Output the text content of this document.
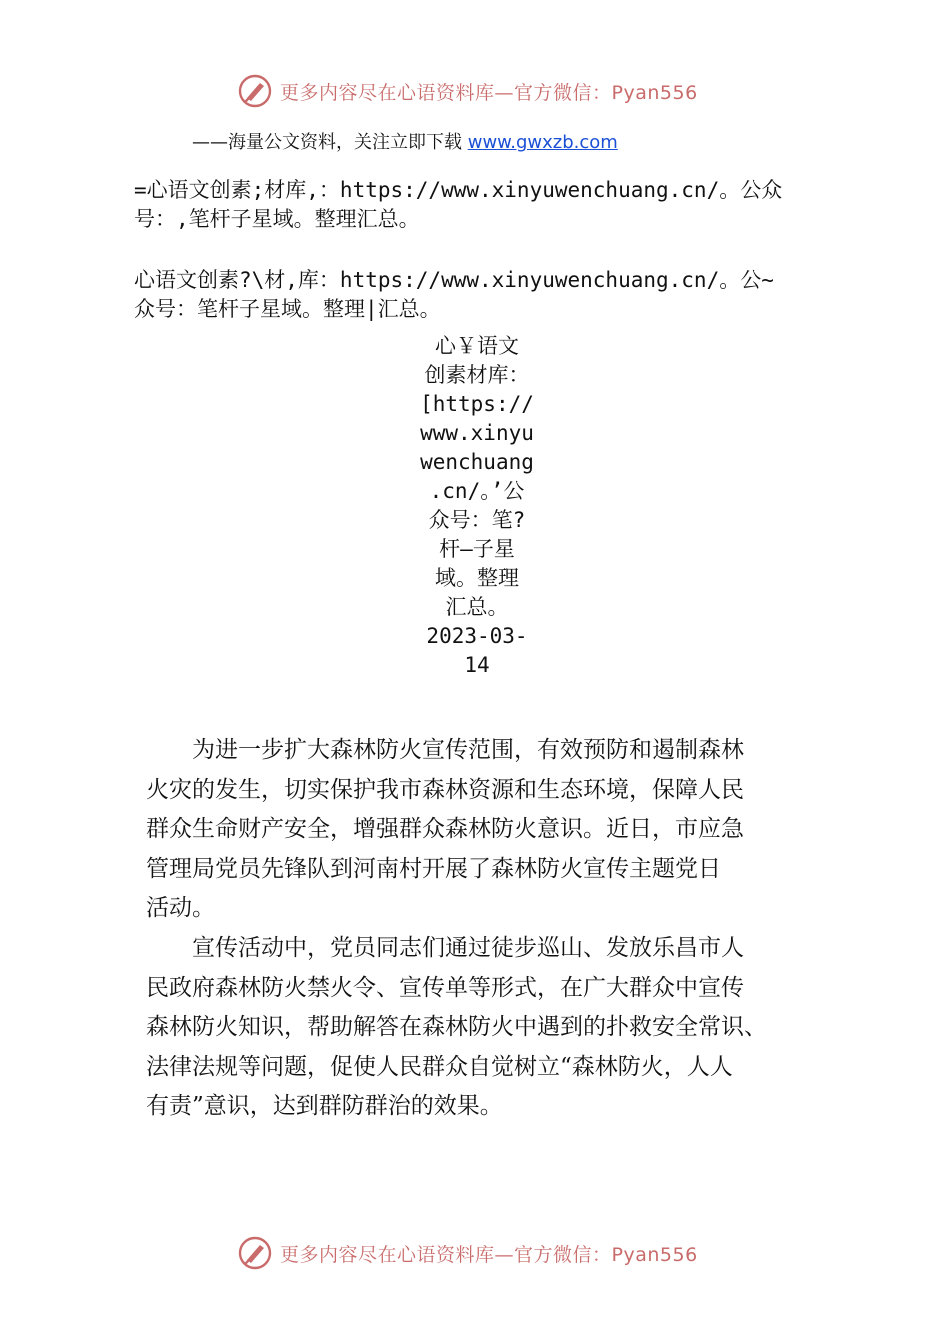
更多内容尽在心语资料库—官方微信：Pyan556
——海量公文资料，关注立即下载 www.gwxzb.com
=心语文创素;材库,：https://www.xinyuwenchuang.cn/。公众
号：,笔杆子星域。整理汇总。
心语文创素?\材,库：https://www.xinyuwenchuang.cn/。公~
众号：笔杆子星域。整理|汇总。
心￥语文
创素材库：
[https://
www.xinyu
wenchuang
.cn/。’公
众号：笔?
杆—子星
域。整理
汇总。
2023-03-
14
　　为进一步扩大森林防火宣传范围，有效预防和遏制森林
火灾的发生，切实保护我市森林资源和生态环境，保障人民
群众生命财产安全，增强群众森林防火意识。近日，市应急
管理局党员先锋队到河南村开展了森林防火宣传主题党日
活动。
　　宣传活动中，党员同志们通过徒步巡山、发放乐昌市人
民政府森林防火禁火令、宣传单等形式，在广大群众中宣传
森林防火知识，帮助解答在森林防火中遇到的扑救安全常识、
法律法规等问题，促使人民群众自觉树立“森林防火，人人
有责”意识，达到群防群治的效果。
更多内容尽在心语资料库—官方微信：Pyan556
